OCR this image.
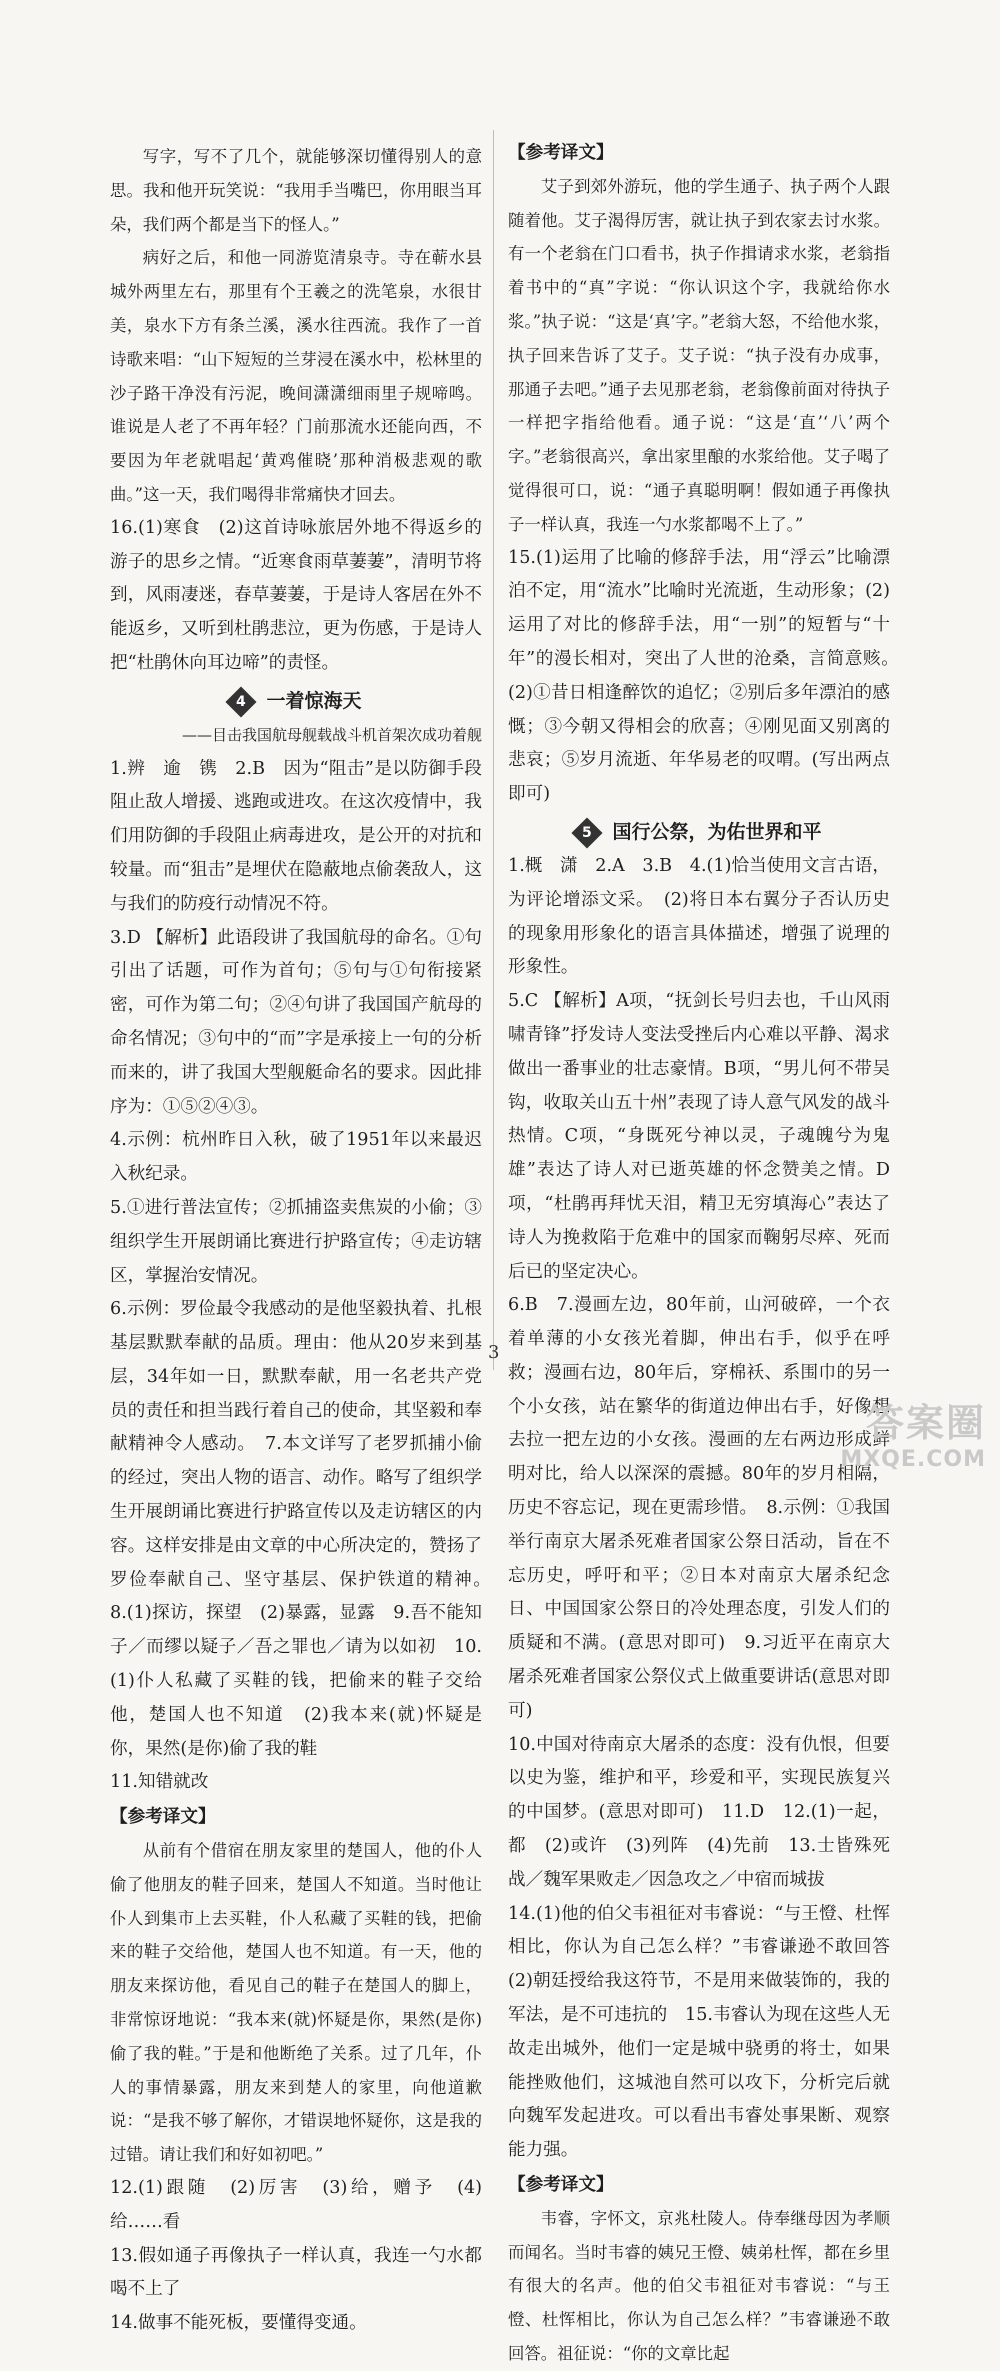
写字，写不了几个，就能够深切懂得别人的意思。我和他开玩笑说：“我用手当嘴巴，你用眼当耳朵，我们两个都是当下的怪人。”

病好之后，和他一同游览清泉寺。寺在蕲水县城外两里左右，那里有个王羲之的洗笔泉，水很甘美，泉水下方有条兰溪，溪水往西流。我作了一首诗歌来唱：“山下短短的兰芽浸在溪水中，松林里的沙子路干净没有污泥，晚间潇潇细雨里子规啼鸣。谁说是人老了不再年轻？门前那流水还能向西，不要因为年老就唱起‘黄鸡催晓’那种消极悲观的歌曲。”这一天，我们喝得非常痛快才回去。

16.(1)寒食　(2)这首诗咏旅居外地不得返乡的游子的思乡之情。“近寒食雨草萋萋”，清明节将到，风雨凄迷，春草萋萋，于是诗人客居在外不能返乡，又听到杜鹃悲泣，更为伤感，于是诗人把“杜鹃休向耳边啼”的责怪。

4	一着惊海天

——目击我国航母舰载战斗机首架次成功着舰

1.辨　逾　镌　2.B　因为“阻击”是以防御手段阻止敌人增援、逃跑或进攻。在这次疫情中，我们用防御的手段阻止病毒进攻，是公开的对抗和较量。而“狙击”是埋伏在隐蔽地点偷袭敌人，这与我们的防疫行动情况不符。

3.D 【解析】此语段讲了我国航母的命名。①句引出了话题，可作为首句；⑤句与①句衔接紧密，可作为第二句；②④句讲了我国国产航母的命名情况；③句中的“而”字是承接上一句的分析而来的，讲了我国大型舰艇命名的要求。因此排序为：①⑤②④③。

4.示例：杭州昨日入秋，破了1951年以来最迟入秋纪录。

5.①进行普法宣传；②抓捕盗卖焦炭的小偷；③组织学生开展朗诵比赛进行护路宣传；④走访辖区，掌握治安情况。

6.示例：罗俭最令我感动的是他坚毅执着、扎根基层默默奉献的品质。理由：他从20岁来到基层，34年如一日，默默奉献，用一名老共产党员的责任和担当践行着自己的使命，其坚毅和奉献精神令人感动。　7.本文详写了老罗抓捕小偷的经过，突出人物的语言、动作。略写了组织学生开展朗诵比赛进行护路宣传以及走访辖区的内容。这样安排是由文章的中心所决定的，赞扬了罗俭奉献自己、坚守基层、保护铁道的精神。　8.(1)探访，探望　(2)暴露，显露　9.吾不能知子／而缪以疑子／吾之罪也／请为以如初　10.(1)仆人私藏了买鞋的钱，把偷来的鞋子交给他，楚国人也不知道　(2)我本来(就)怀疑是你，果然(是你)偷了我的鞋

11.知错就改

【参考译文】

从前有个借宿在朋友家里的楚国人，他的仆人偷了他朋友的鞋子回来，楚国人不知道。当时他让仆人到集市上去买鞋，仆人私藏了买鞋的钱，把偷来的鞋子交给他，楚国人也不知道。有一天，他的朋友来探访他，看见自己的鞋子在楚国人的脚上，非常惊讶地说：“我本来(就)怀疑是你，果然(是你)偷了我的鞋。”于是和他断绝了关系。过了几年，仆人的事情暴露，朋友来到楚人的家里，向他道歉说：“是我不够了解你，才错误地怀疑你，这是我的过错。请让我们和好如初吧。”

12.(1)跟随　(2)厉害　(3)给，赠予　(4)给……看

13.假如通子再像执子一样认真，我连一勺水都喝不上了

14.做事不能死板，要懂得变通。

【参考译文】

艾子到郊外游玩，他的学生通子、执子两个人跟随着他。艾子渴得厉害，就让执子到农家去讨水浆。有一个老翁在门口看书，执子作揖请求水浆，老翁指着书中的“真”字说：“你认识这个字，我就给你水浆。”执子说：“这是‘真’字。”老翁大怒，不给他水浆，执子回来告诉了艾子。艾子说：“执子没有办成事，那通子去吧。”通子去见那老翁，老翁像前面对待执子一样把字指给他看。通子说：“这是‘直’‘八’两个字。”老翁很高兴，拿出家里酿的水浆给他。艾子喝了觉得很可口，说：“通子真聪明啊！假如通子再像执子一样认真，我连一勺水浆都喝不上了。”

15.(1)运用了比喻的修辞手法，用“浮云”比喻漂泊不定，用“流水”比喻时光流逝，生动形象；(2)运用了对比的修辞手法，用“一别”的短暂与“十年”的漫长相对，突出了人世的沧桑，言简意赅。　(2)①昔日相逢醉饮的追忆；②别后多年漂泊的感慨；③今朝又得相会的欣喜；④刚见面又别离的悲哀；⑤岁月流逝、年华易老的叹喟。(写出两点即可)

5	国行公祭，为佑世界和平

1.概　潇　2.A　3.B　4.(1)恰当使用文言古语，为评论增添文采。　(2)将日本右翼分子否认历史的现象用形象化的语言具体描述，增强了说理的形象性。

5.C 【解析】A项，“抚剑长号归去也，千山风雨啸青锋”抒发诗人变法受挫后内心难以平静、渴求做出一番事业的壮志豪情。B项，“男儿何不带吴钩，收取关山五十州”表现了诗人意气风发的战斗热情。C项，“身既死兮神以灵，子魂魄兮为鬼雄”表达了诗人对已逝英雄的怀念赞美之情。D项，“杜鹃再拜忧天泪，精卫无穷填海心”表达了诗人为挽救陷于危难中的国家而鞠躬尽瘁、死而后已的坚定决心。

6.B　7.漫画左边，80年前，山河破碎，一个衣着单薄的小女孩光着脚，伸出右手，似乎在呼救；漫画右边，80年后，穿棉袄、系围巾的另一个小女孩，站在繁华的街道边伸出右手，好像想去拉一把左边的小女孩。漫画的左右两边形成鲜明对比，给人以深深的震撼。80年的岁月相隔，历史不容忘记，现在更需珍惜。　8.示例：①我国举行南京大屠杀死难者国家公祭日活动，旨在不忘历史，呼吁和平；②日本对南京大屠杀纪念日、中国国家公祭日的冷处理态度，引发人们的质疑和不满。(意思对即可)　9.习近平在南京大屠杀死难者国家公祭仪式上做重要讲话(意思对即可)

10.中国对待南京大屠杀的态度：没有仇恨，但要以史为鉴，维护和平，珍爱和平，实现民族复兴的中国梦。(意思对即可)　11.D　12.(1)一起，都　(2)或许　(3)列阵　(4)先前　13.士皆殊死战／魏军果败走／因急攻之／中宿而城拔

14.(1)他的伯父韦祖征对韦睿说：“与王憕、杜恽相比，你认为自己怎么样？”韦睿谦逊不敢回答　(2)朝廷授给我这符节，不是用来做装饰的，我的军法，是不可违抗的　15.韦睿认为现在这些人无故走出城外，他们一定是城中骁勇的将士，如果能挫败他们，这城池自然可以攻下，分析完后就向魏军发起进攻。可以看出韦睿处事果断、观察能力强。

【参考译文】

韦睿，字怀文，京兆杜陵人。侍奉继母因为孝顺而闻名。当时韦睿的姨兄王憕、姨弟杜恽，都在乡里有很大的名声。他的伯父韦祖征对韦睿说：“与王憕、杜恽相比，你认为自己怎么样？”韦睿谦逊不敢回答。祖征说：“你的文章比起

3
答案圈
MXQE.COM
